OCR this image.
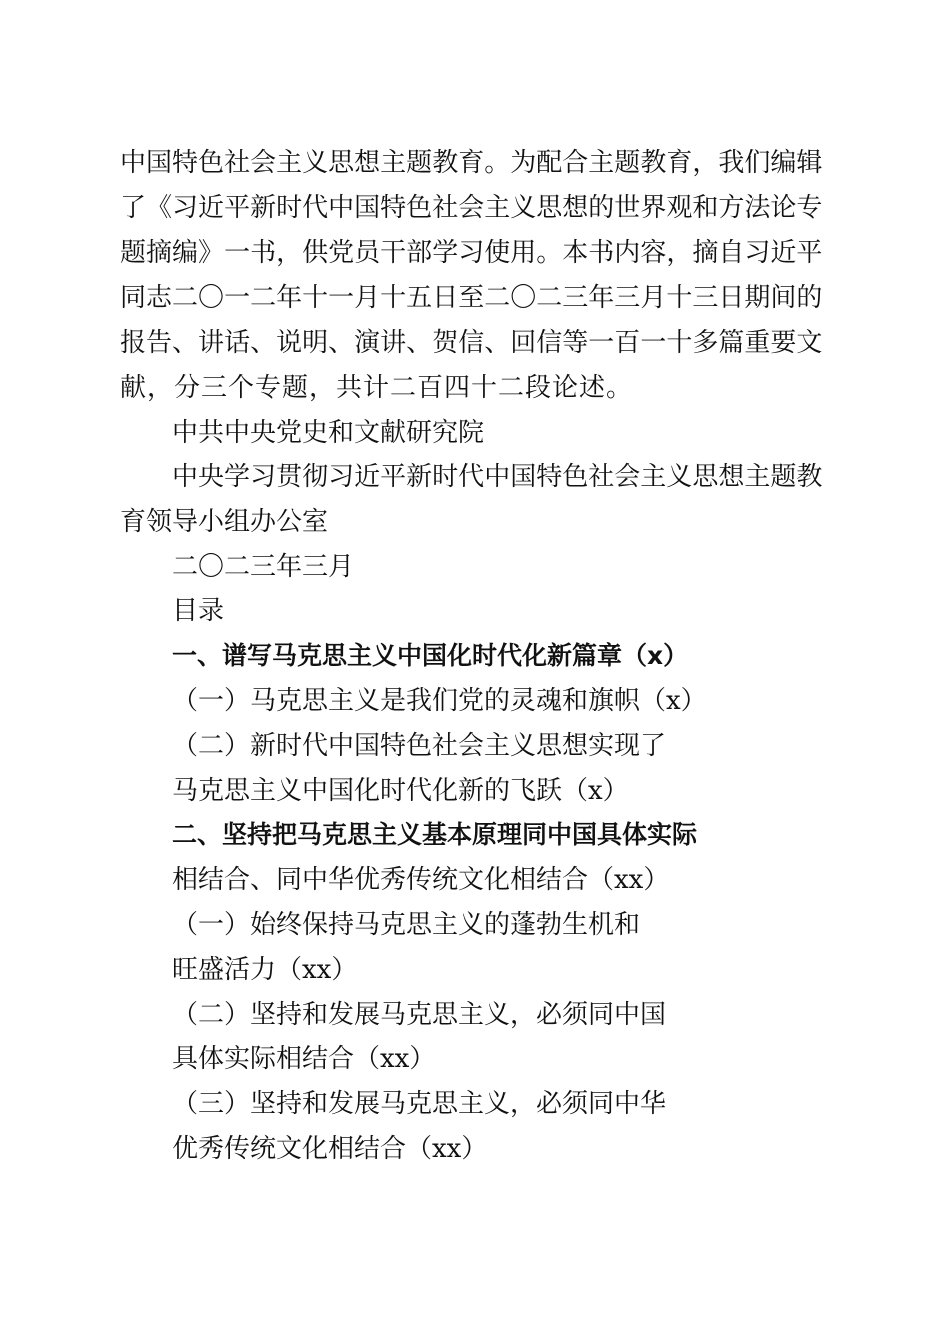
中 国 特 色 社 会 主 义 思 想 主 题 教 育 。 为 配 合 主 题 教 育 ， 我 们 编 辑
了 《 习 近 平 新 时 代 中 国 特 色 社 会 主 义 思 想 的 世 界 观 和 方 法 论 专
题 摘 编 》 一 书 ， 供 党 员 干 部 学 习 使 用 。 本 书 内 容 ， 摘 自 习 近 平
同 志 二 〇 一 二 年 十 一 月 十 五 日 至 二 〇 二 三 年 三 月 十 三 日 期 间 的
报 告 、 讲 话 、 说 明 、 演 讲 、 贺 信 、 回 信 等 一 百 一 十 多 篇 重 要 文
献，分三个专题，共计二百四十二段论述。
中共中央党史和文献研究院
中 央 学 习 贯 彻 习 近 平 新 时 代 中 国 特 色 社 会 主 义 思 想 主 题 教
育领导小组办公室
二〇二三年三月
目录
一、谱写马克思主义中国化时代化新篇章（x）
（一）马克思主义是我们党的灵魂和旗帜（x）
（二）新时代中国特色社会主义思想实现了
马克思主义中国化时代化新的飞跃（x）
二、坚持把马克思主义基本原理同中国具体实际
相结合、同中华优秀传统文化相结合（xx）
（一）始终保持马克思主义的蓬勃生机和
旺盛活力（xx）
（二）坚持和发展马克思主义，必须同中国
具体实际相结合（xx）
（三）坚持和发展马克思主义，必须同中华
优秀传统文化相结合（xx）
